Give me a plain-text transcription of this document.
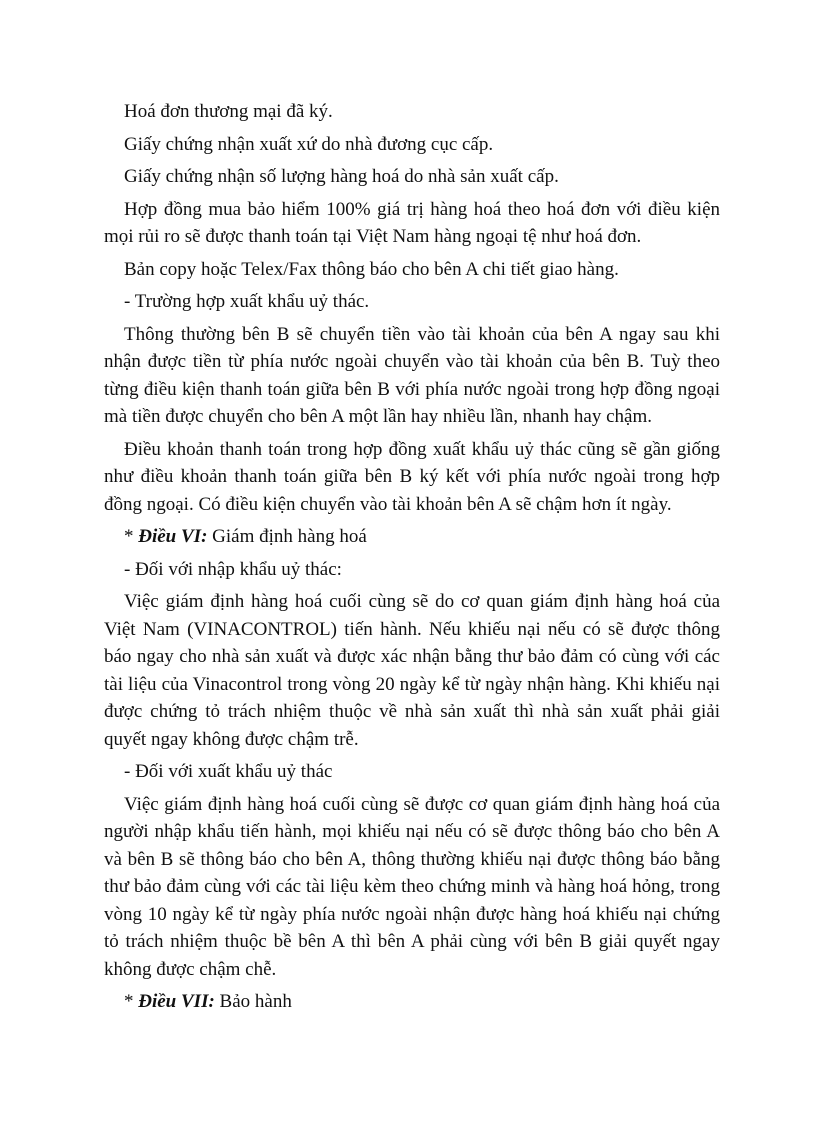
Hoá đơn thương mại đã ký.

Giấy chứng nhận xuất xứ do nhà đương cục cấp.

Giấy chứng nhận số lượng hàng hoá do nhà sản xuất cấp.

Hợp đồng mua bảo hiểm 100% giá trị hàng hoá theo hoá đơn với điều kiện mọi rủi ro sẽ được thanh toán tại Việt Nam hàng ngoại tệ như hoá đơn.

Bản copy hoặc Telex/Fax thông báo cho bên A chi tiết giao hàng.

- Trường hợp xuất khẩu uỷ thác.

Thông thường bên B sẽ chuyển tiền vào tài khoản của bên A ngay sau khi nhận được tiền từ phía nước ngoài chuyển vào tài khoản của bên B. Tuỳ theo từng điều kiện thanh toán giữa bên B với phía nước ngoài trong hợp đồng ngoại mà tiền được chuyển cho bên A một lần hay nhiều lần, nhanh hay chậm.

Điều khoản thanh toán trong hợp đồng xuất khẩu uỷ thác cũng sẽ gần giống như điều khoản thanh toán giữa bên B ký kết với phía nước ngoài trong hợp đồng ngoại. Có điều kiện chuyển vào tài khoản bên A sẽ chậm hơn ít ngày.

* Điều VI: Giám định hàng hoá

- Đối với nhập khẩu uỷ thác:

Việc giám định hàng hoá cuối cùng sẽ do cơ quan giám định hàng hoá của Việt Nam (VINACONTROL) tiến hành. Nếu khiếu nại nếu có sẽ được thông báo ngay cho nhà sản xuất và được xác nhận bằng thư bảo đảm có cùng với các tài liệu của Vinacontrol trong vòng 20 ngày kể từ ngày nhận hàng. Khi khiếu nại được chứng tỏ trách nhiệm thuộc về nhà sản xuất thì nhà sản xuất phải giải quyết ngay không được chậm trễ.

- Đối với xuất khẩu uỷ thác

Việc giám định hàng hoá cuối cùng sẽ được cơ quan giám định hàng hoá của người nhập khẩu tiến hành, mọi khiếu nại nếu có sẽ được thông báo cho bên A và bên B sẽ thông báo cho bên A, thông thường khiếu nại được thông báo bằng thư bảo đảm cùng với các tài liệu kèm theo chứng minh và hàng hoá hỏng, trong vòng 10 ngày kể từ ngày phía nước ngoài nhận được hàng hoá khiếu nại chứng tỏ trách nhiệm thuộc bề bên A thì bên A phải cùng với bên B giải quyết ngay không được chậm chễ.

* Điều VII: Bảo hành
